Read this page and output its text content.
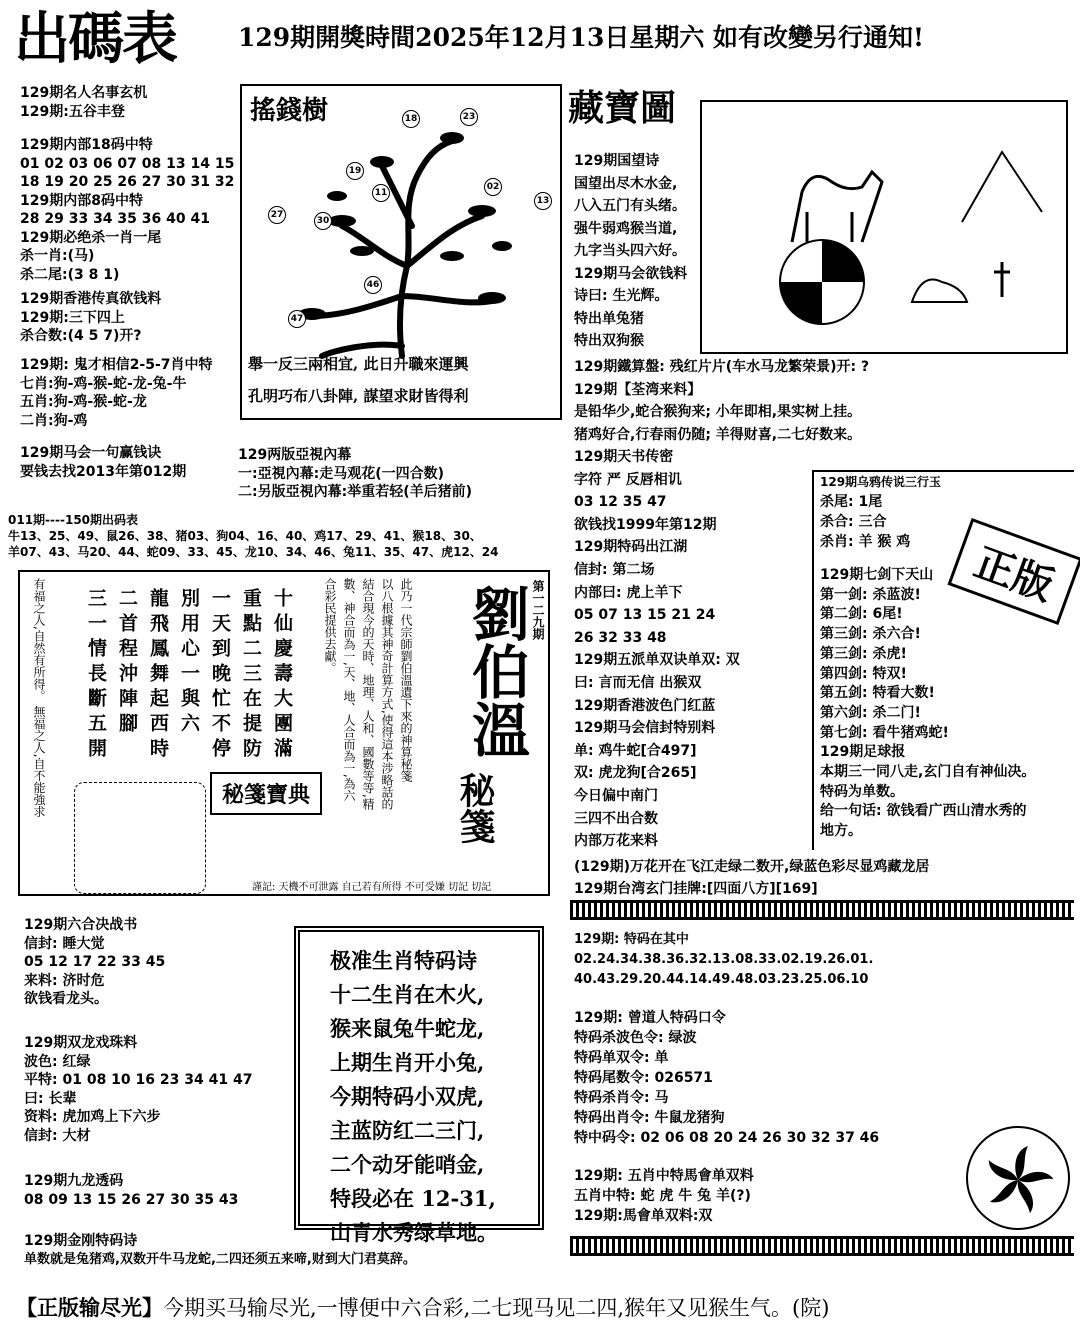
出碼表 129期開獎時間2025年12月13日星期六 如有改變另行通知!
129期名人名事玄机
129期:五谷丰登
129期内部18码中特
01 02 03 06 07 08 13 14 15
18 19 20 25 26 27 30 31 32
129期内部8码中特
28 29 33 34 35 36 40 41
129期必绝杀一肖一尾
杀一肖:(马)
杀二尾:(3 8 1)
129期香港传真欲钱料
129期:三下四上
杀合数:(4 5 7)开?
129期: 鬼才相信2-5-7肖中特
七肖:狗-鸡-猴-蛇-龙-兔-牛
五肖:狗-鸡-猴-蛇-龙
二肖:狗-鸡
129期马会一句赢钱诀
要钱去找2013年第012期
搖錢樹	18	23
19
11
02
13
27
30
46
47
舉一反三兩相宜, 此日升職來運興
孔明巧布八卦陣, 謀望求財皆得利
藏寶圖
129两版亞視內幕
一:亞視內幕:走马观花(一四合数)
二:另版亞視內幕:举重若轻(羊后猪前)
011期----150期出码表
牛13、25、49、鼠26、38、猪03、狗04、16、40、鸡17、29、41、猴18、30、
羊07、43、马20、44、蛇09、33、45、龙10、34、46、兔11、35、47、虎12、24
有福之人,自然有所得。 無福之人,自不能強求	十仙慶壽大團滿
重點二三在提防
一天到晚忙不停
別用心一與六
龍飛鳳舞起西時
二首程沖陣腳
三一情長斷五開
秘箋寶典
此乃一代宗師劉伯溫遺下來的神算秘箋
以八根據其神奇計算方式,使得這本涉略話的
結合現今的天時、地理、人和、國數等等,精
數、神合而為一,天、地、人合而為一,為六
合彩民提供去獻。 劉伯溫 第一二九期
秘箋
謹記: 天機不可泄露 自己若有所得 不可受嫌 切記 切記
129期六合决战书
信封: 睡大觉
05 12 17 22 33 45
来料: 济时危
欲钱看龙头。
129期双龙戏珠料
波色: 红绿
平特: 01 08 10 16 23 34 41 47
曰: 长辈
资料: 虎加鸡上下六步
信封: 大材
129期九龙透码
08 09 13 15 26 27 30 35 43
极准生肖特码诗
十二生肖在木火,
猴来鼠兔牛蛇龙,
上期生肖开小兔,
今期特码小双虎,
主蓝防红二三门,
二个动牙能哨金,
特段必在 12-31,
山青水秀绿草地。
129期金刚特码诗
单数就是兔猪鸡,双数开牛马龙蛇,二四还须五来啼,财到大门君莫辞。
129期国望诗
国望出尽木水金,
八入五门有头绪。
强牛弱鸡猴当道,
九字当头四六好。
129期马会欲钱料
诗曰: 生光辉。
特出单兔猪
特出双狗猴
129期鐵算盤: 残红片片(车水马龙繁荣景)开: ?
129期【荃湾来料】
是铅华少,蛇合猴狗来; 小年即相,果实树上挂。
猪鸡好合,行春雨仍随; 羊得财喜,二七好数来。
129期天书传密
字符 严 反唇相讥
03 12 35 47
欲钱找1999年第12期
129期特码出江湖
信封: 第二场
内部曰: 虎上羊下
05 07 13 15 21 24
26 32 33 48
129期五派单双诀单双: 双
曰: 言而无信 出猴双
129期香港波色门红蓝
129期马会信封特别料
单: 鸡牛蛇[合497]
双: 虎龙狗[合265]
今日偏中南门
三四不出合数
内部万花来料
(129期)万花开在飞江走绿二数开,绿蓝色彩尽显鸡藏龙居
129期台湾玄门挂牌:[四面八方][169]
129期乌鸦传说三行玉
杀尾: 1尾
杀合: 三合
杀肖: 羊 猴 鸡	正版
129期七剑下天山
第一剑: 杀蓝波!
第二剑: 6尾!
第三剑: 杀六合!
第三剑: 杀虎!
第四剑: 特双!
第五剑: 特看大数!
第六剑: 杀二门!
第七剑: 看牛猪鸡蛇!
129期足球报
本期三一同八走,玄门自有神仙决。
特码为单数。
给一句话: 欲钱看广西山清水秀的
地方。
129期: 特码在其中
02.24.34.38.36.32.13.08.33.02.19.26.01.
40.43.29.20.44.14.49.48.03.23.25.06.10
129期: 曾道人特码口令
特码杀波色令: 绿波
特码单双令: 单
特码尾数令: 026571
特码杀肖令: 马
特码出肖令: 牛鼠龙猪狗
特中码令: 02 06 08 20 24 26 30 32 37 46
129期: 五肖中特馬會单双料
五肖中特: 蛇 虎 牛 兔 羊(?)
129期:馬會单双料:双
【正版输尽光】今期买马输尽光,一博便中六合彩,二七现马见二四,猴年又见猴生气。(院)
